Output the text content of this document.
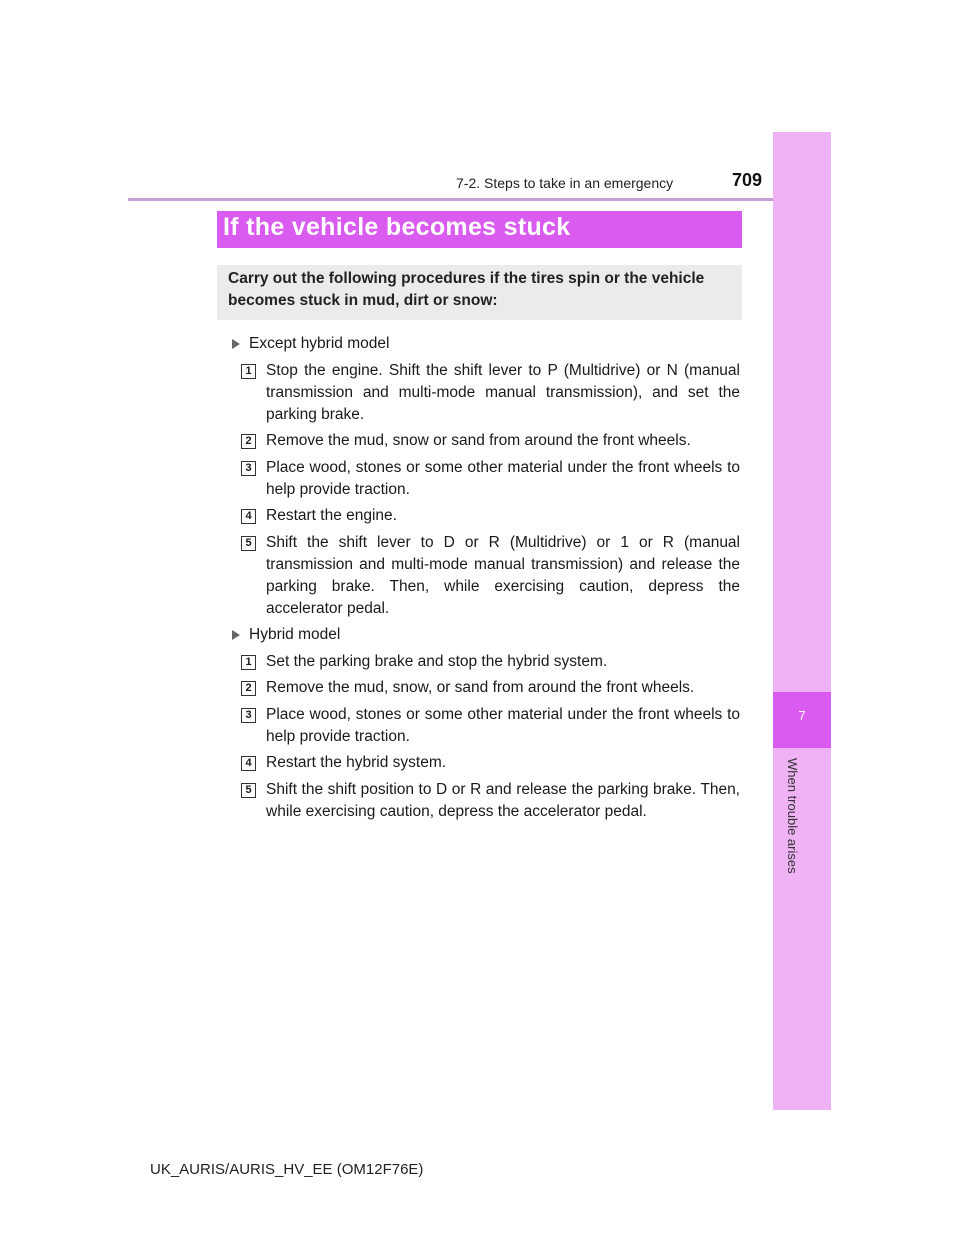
7-2. Steps to take in an emergency	709
7
When trouble arises
If the vehicle becomes stuck
Carry out the following procedures if the tires spin or the vehicle becomes stuck in mud, dirt or snow:
Except hybrid model
1 Stop the engine. Shift the shift lever to P (Multidrive) or N (manual transmission and multi-mode manual transmission), and set the parking brake.
2 Remove the mud, snow or sand from around the front wheels.
3 Place wood, stones or some other material under the front wheels to help provide traction.
4 Restart the engine.
5 Shift the shift lever to D or R (Multidrive) or 1 or R (manual transmission and multi-mode manual transmission) and release the parking brake. Then, while exercising caution, depress the accelerator pedal.
Hybrid model
1 Set the parking brake and stop the hybrid system.
2 Remove the mud, snow, or sand from around the front wheels.
3 Place wood, stones or some other material under the front wheels to help provide traction.
4 Restart the hybrid system.
5 Shift the shift position to D or R and release the parking brake. Then, while exercising caution, depress the accelerator pedal.
UK_AURIS/AURIS_HV_EE (OM12F76E)
